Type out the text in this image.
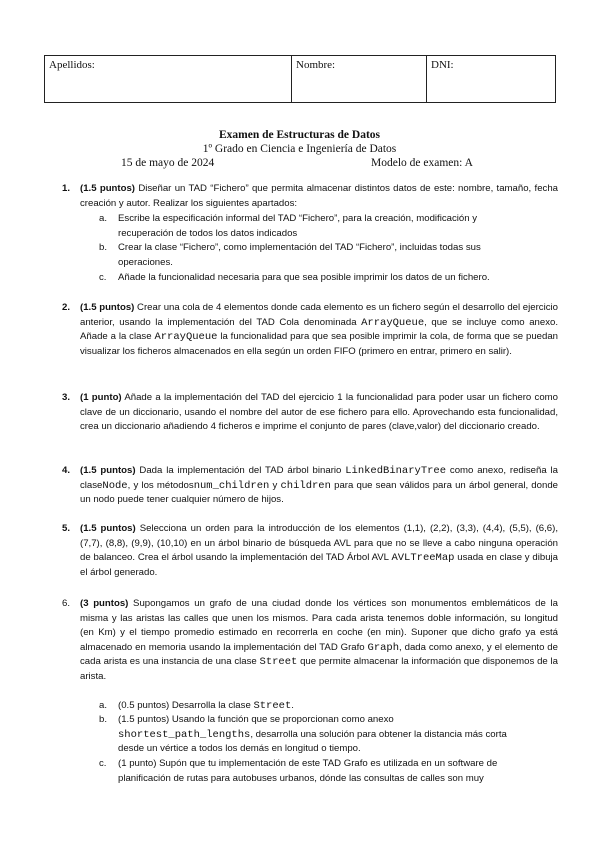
Apellidos:	Nombre:	DNI:
Examen de Estructuras de Datos
1º Grado en Ciencia e Ingeniería de Datos
15 de mayo de 2024	Modelo de examen: A
1. (1.5 puntos) Diseñar un TAD “Fichero” que permita almacenar distintos datos de este: nombre, tamaño, fecha creación y autor. Realizar los siguientes apartados:
a. Escribe la especificación informal del TAD “Fichero”, para la creación, modificación y recuperación de todos los datos indicados
b. Crear la clase “Fichero”, como implementación del TAD “Fichero”, incluidas todas sus operaciones.
c. Añade la funcionalidad necesaria para que sea posible imprimir los datos de un fichero.
2. (1.5 puntos) Crear una cola de 4 elementos donde cada elemento es un fichero según el desarrollo del ejercicio anterior, usando la implementación del TAD Cola denominada ArrayQueue, que se incluye como anexo. Añade a la clase ArrayQueue la funcionalidad para que sea posible imprimir la cola, de forma que se puedan visualizar los ficheros almacenados en ella según un orden FIFO (primero en entrar, primero en salir).
3. (1 punto) Añade a la implementación del TAD del ejercicio 1 la funcionalidad para poder usar un fichero como clave de un diccionario, usando el nombre del autor de ese fichero para ello. Aprovechando esta funcionalidad, crea un diccionario añadiendo 4 ficheros e imprime el conjunto de pares (clave,valor) del diccionario creado.
4. (1.5 puntos) Dada la implementación del TAD árbol binario LinkedBinaryTree como anexo, rediseña la claseNode, y los métodosnum_children y children para que sean válidos para un árbol general, donde un nodo puede tener cualquier número de hijos.
5. (1.5 puntos) Selecciona un orden para la introducción de los elementos (1,1), (2,2), (3,3), (4,4), (5,5), (6,6), (7,7), (8,8), (9,9), (10,10) en un árbol binario de búsqueda AVL para que no se lleve a cabo ninguna operación de balanceo. Crea el árbol usando la implementación del TAD Árbol AVL AVLTreeMap usada en clase y dibuja el árbol generado.
6. (3 puntos) Supongamos un grafo de una ciudad donde los vértices son monumentos emblemáticos de la misma y las aristas las calles que unen los mismos. Para cada arista tenemos doble información, su longitud (en Km) y el tiempo promedio estimado en recorrerla en coche (en min). Suponer que dicho grafo ya está almacenado en memoria usando la implementación del TAD Grafo Graph, dada como anexo, y el elemento de cada arista es una instancia de una clase Street que permite almacenar la información que disponemos de la arista.
a. (0.5 puntos) Desarrolla la clase Street.
b. (1.5 puntos) Usando la función que se proporcionan como anexo shortest_path_lengths, desarrolla una solución para obtener la distancia más corta desde un vértice a todos los demás en longitud o tiempo.
c. (1 punto) Supón que tu implementación de este TAD Grafo es utilizada en un software de planificación de rutas para autobuses urbanos, dónde las consultas de calles son muy
